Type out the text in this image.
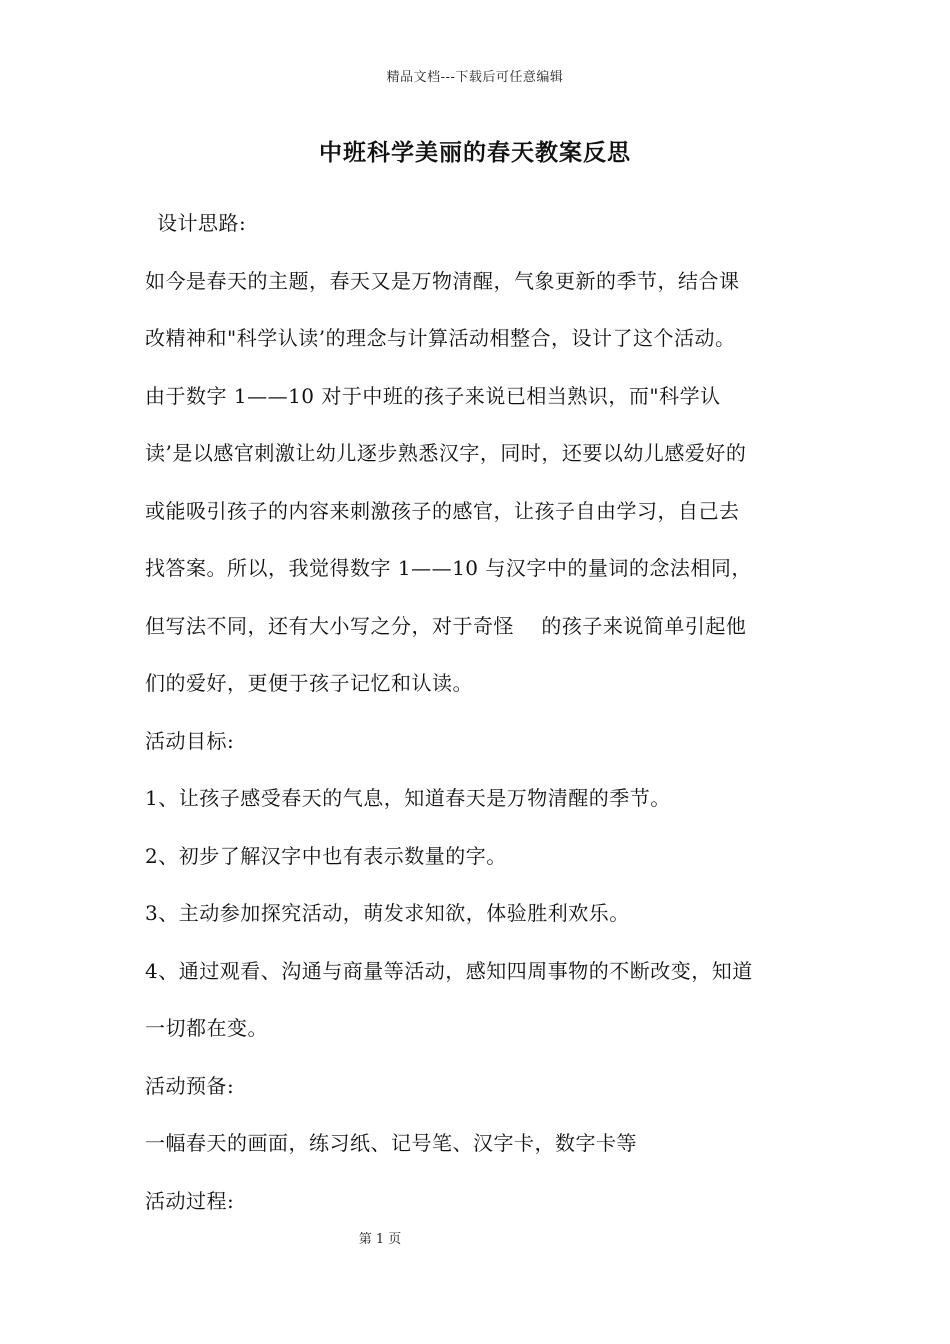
精品文档---下载后可任意编辑
中班科学美丽的春天教案反思
设计思路:
如今是春天的主题，春天又是万物清醒，气象更新的季节，结合课
改精神和"科学认读’的理念与计算活动相整合，设计了这个活动。
由于数字 1——10 对于中班的孩子来说已相当熟识，而"科学认
读’是以感官刺激让幼儿逐步熟悉汉字，同时，还要以幼儿感爱好的
或能吸引孩子的内容来刺激孩子的感官，让孩子自由学习，自己去
找答案。所以，我觉得数字 1——10 与汉字中的量词的念法相同，
但写法不同，还有大小写之分，对于奇怪　 的孩子来说简单引起他
们的爱好，更便于孩子记忆和认读。
活动目标:
1、让孩子感受春天的气息，知道春天是万物清醒的季节。
2、初步了解汉字中也有表示数量的字。
3、主动参加探究活动，萌发求知欲，体验胜利欢乐。
4、通过观看、沟通与商量等活动，感知四周事物的不断改变，知道
一切都在变。
活动预备:
一幅春天的画面，练习纸、记号笔、汉字卡，数字卡等
活动过程:
第 1 页
